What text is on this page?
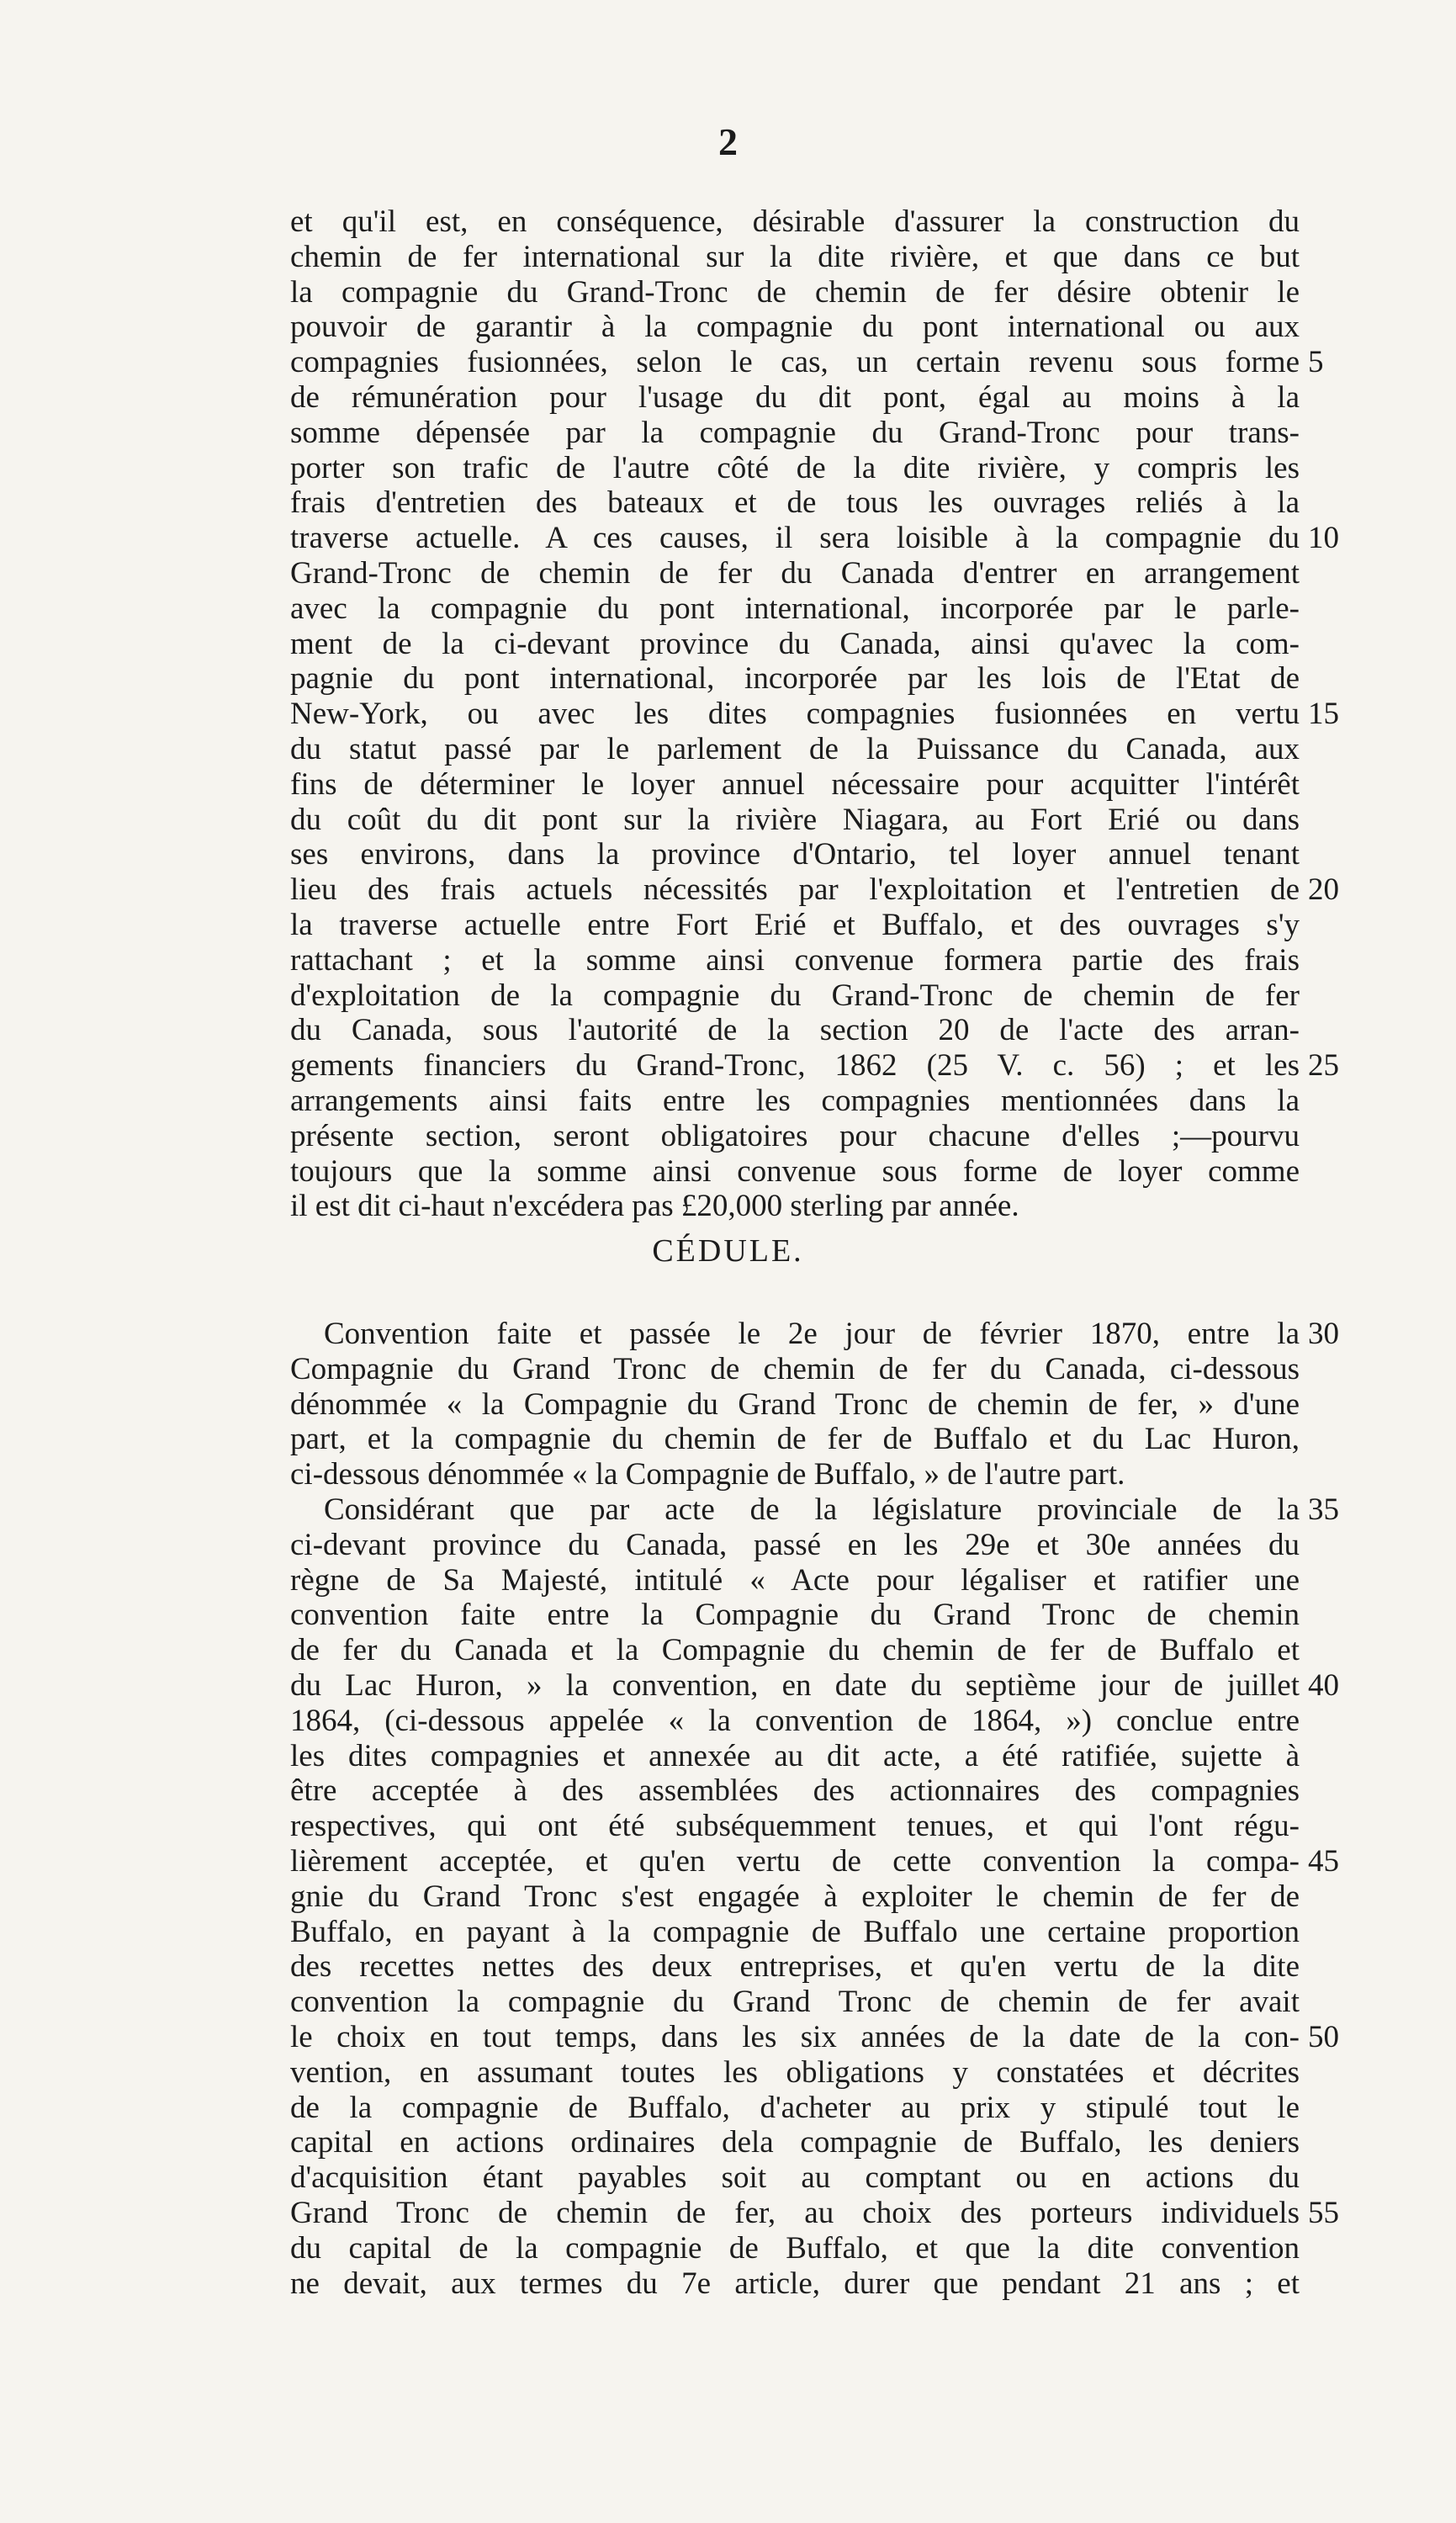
2
et qu'il est, en conséquence, désirable d'assurer la construction du
chemin de fer international sur la dite rivière, et que dans ce but
la compagnie du Grand-Tronc de chemin de fer désire obtenir le
pouvoir de garantir à la compagnie du pont international ou aux
compagnies fusionnées, selon le cas, un certain revenu sous forme 5
de rémunération pour l'usage du dit pont, égal au moins à la
somme dépensée par la compagnie du Grand-Tronc pour trans-
porter son trafic de l'autre côté de la dite rivière, y compris les
frais d'entretien des bateaux et de tous les ouvrages reliés à la
traverse actuelle. A ces causes, il sera loisible à la compagnie du 10
Grand-Tronc de chemin de fer du Canada d'entrer en arrangement
avec la compagnie du pont international, incorporée par le parle-
ment de la ci-devant province du Canada, ainsi qu'avec la com-
pagnie du pont international, incorporée par les lois de l'Etat de
New-York, ou avec les dites compagnies fusionnées en vertu 15
du statut passé par le parlement de la Puissance du Canada, aux
fins de déterminer le loyer annuel nécessaire pour acquitter l'intérêt
du coût du dit pont sur la rivière Niagara, au Fort Erié ou dans
ses environs, dans la province d'Ontario, tel loyer annuel tenant
lieu des frais actuels nécessités par l'exploitation et l'entretien de 20
la traverse actuelle entre Fort Erié et Buffalo, et des ouvrages s'y
rattachant ; et la somme ainsi convenue formera partie des frais
d'exploitation de la compagnie du Grand-Tronc de chemin de fer
du Canada, sous l'autorité de la section 20 de l'acte des arran-
gements financiers du Grand-Tronc, 1862 (25 V. c. 56) ; et les 25
arrangements ainsi faits entre les compagnies mentionnées dans la
présente section, seront obligatoires pour chacune d'elles ;—pourvu
toujours que la somme ainsi convenue sous forme de loyer comme
il est dit ci-haut n'excédera pas £20,000 sterling par année.
CÉDULE.
Convention faite et passée le 2e jour de février 1870, entre la 30
Compagnie du Grand Tronc de chemin de fer du Canada, ci-dessous
dénommée « la Compagnie du Grand Tronc de chemin de fer, » d'une
part, et la compagnie du chemin de fer de Buffalo et du Lac Huron,
ci-dessous dénommée « la Compagnie de Buffalo, » de l'autre part.
Considérant que par acte de la législature provinciale de la 35
ci-devant province du Canada, passé en les 29e et 30e années du
règne de Sa Majesté, intitulé « Acte pour légaliser et ratifier une
convention faite entre la Compagnie du Grand Tronc de chemin
de fer du Canada et la Compagnie du chemin de fer de Buffalo et
du Lac Huron, » la convention, en date du septième jour de juillet 40
1864, (ci-dessous appelée « la convention de 1864, ») conclue entre
les dites compagnies et annexée au dit acte, a été ratifiée, sujette à
être acceptée à des assemblées des actionnaires des compagnies
respectives, qui ont été subséquemment tenues, et qui l'ont régu-
lièrement acceptée, et qu'en vertu de cette convention la compa- 45
gnie du Grand Tronc s'est engagée à exploiter le chemin de fer de
Buffalo, en payant à la compagnie de Buffalo une certaine proportion
des recettes nettes des deux entreprises, et qu'en vertu de la dite
convention la compagnie du Grand Tronc de chemin de fer avait
le choix en tout temps, dans les six années de la date de la con- 50
vention, en assumant toutes les obligations y constatées et décrites
de la compagnie de Buffalo, d'acheter au prix y stipulé tout le
capital en actions ordinaires dela compagnie de Buffalo, les deniers
d'acquisition étant payables soit au comptant ou en actions du
Grand Tronc de chemin de fer, au choix des porteurs individuels 55
du capital de la compagnie de Buffalo, et que la dite convention
ne devait, aux termes du 7e article, durer que pendant 21 ans ; et
